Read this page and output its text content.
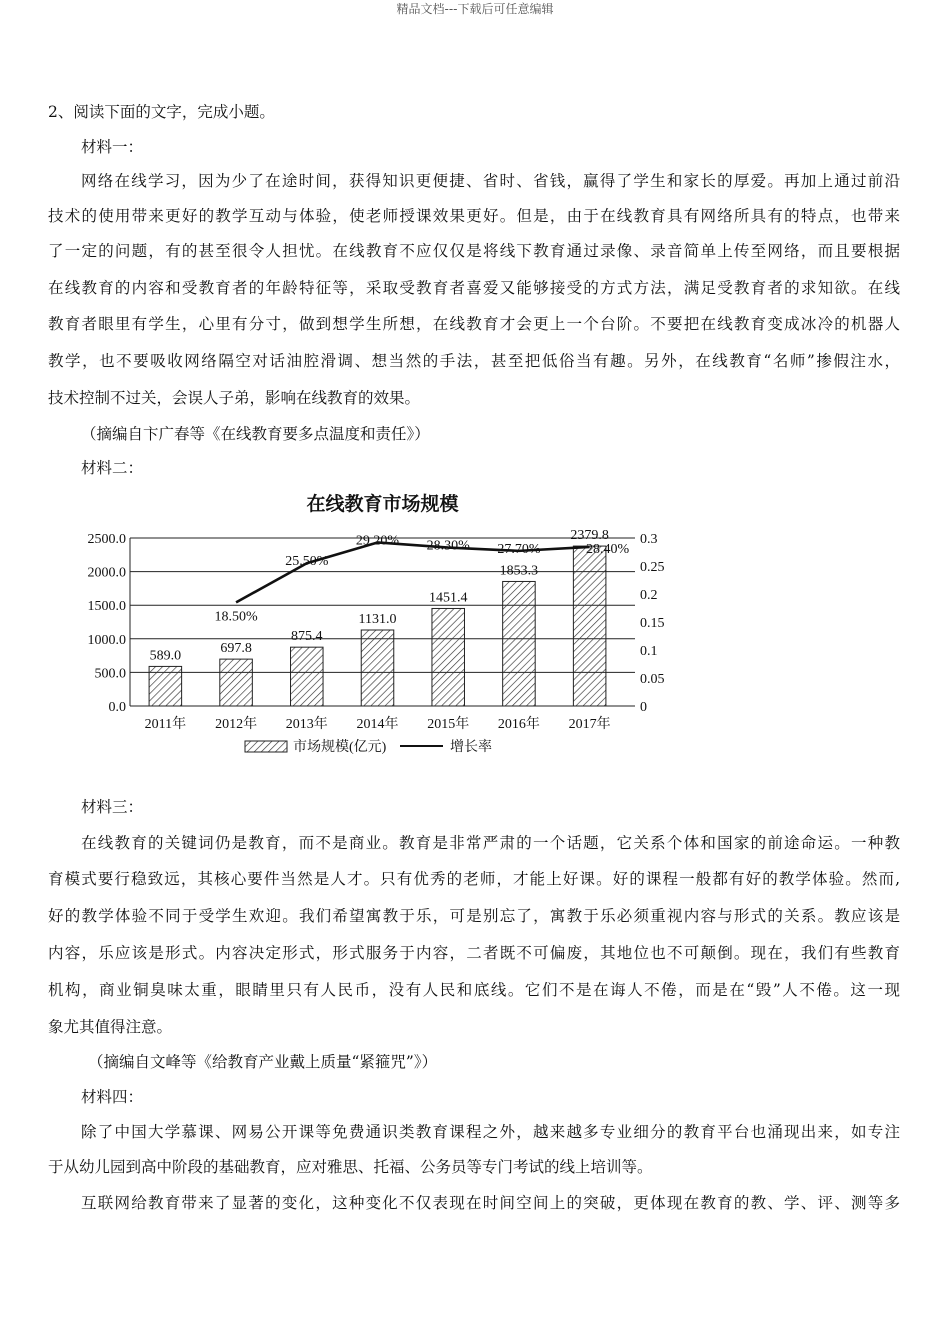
精品文档---下载后可任意编辑
2、阅读下面的文字，完成小题。
材料一：
网络在线学习，因为少了在途时间，获得知识更便捷、省时、省钱，赢得了学生和家长的厚爱。再加上通过前沿
技术的使用带来更好的教学互动与体验，使老师授课效果更好。但是，由于在线教育具有网络所具有的特点，也带来
了一定的问题，有的甚至很令人担忧。在线教育不应仅仅是将线下教育通过录像、录音简单上传至网络，而且要根据
在线教育的内容和受教育者的年龄特征等，采取受教育者喜爱又能够接受的方式方法，满足受教育者的求知欲。在线
教育者眼里有学生，心里有分寸，做到想学生所想，在线教育才会更上一个台阶。不要把在线教育变成冰冷的机器人
教学，也不要吸收网络隔空对话油腔滑调、想当然的手法，甚至把低俗当有趣。另外，在线教育“名师”掺假注水，
技术控制不过关，会误人子弟，影响在线教育的效果。
（摘编自卞广春等《在线教育要多点温度和责任》）
材料二：
在线教育市场规模
0.0
500.0
1000.0
1500.0
2000.0
2500.0
0
0.05
0.1
0.15
0.2
0.25
0.3
589.0
2011年
697.8
2012年
875.4
2013年
1131.0
2014年
1451.4
2015年
1853.3
2016年
2379.8
2017年
18.50%
25.50%
29.20% 28.30% 27.70%	28.40%
市场规模(亿元)	增长率
材料三：
在线教育的关键词仍是教育，而不是商业。教育是非常严肃的一个话题，它关系个体和国家的前途命运。一种教
育模式要行稳致远，其核心要件当然是人才。只有优秀的老师，才能上好课。好的课程一般都有好的教学体验。然而,
好的教学体验不同于受学生欢迎。我们希望寓教于乐，可是别忘了，寓教于乐必须重视内容与形式的关系。教应该是
内容，乐应该是形式。内容决定形式，形式服务于内容，二者既不可偏废，其地位也不可颠倒。现在，我们有些教育
机构，商业铜臭味太重，眼睛里只有人民币，没有人民和底线。它们不是在诲人不倦，而是在“毁”人不倦。这一现
象尤其值得注意。
（摘编自文峰等《给教育产业戴上质量“紧箍咒”》）
材料四：
除了中国大学慕课、网易公开课等免费通识类教育课程之外，越来越多专业细分的教育平台也涌现出来，如专注
于从幼儿园到高中阶段的基础教育，应对雅思、托福、公务员等专门考试的线上培训等。
互联网给教育带来了显著的变化，这种变化不仅表现在时间空间上的突破，更体现在教育的教、学、评、测等多
